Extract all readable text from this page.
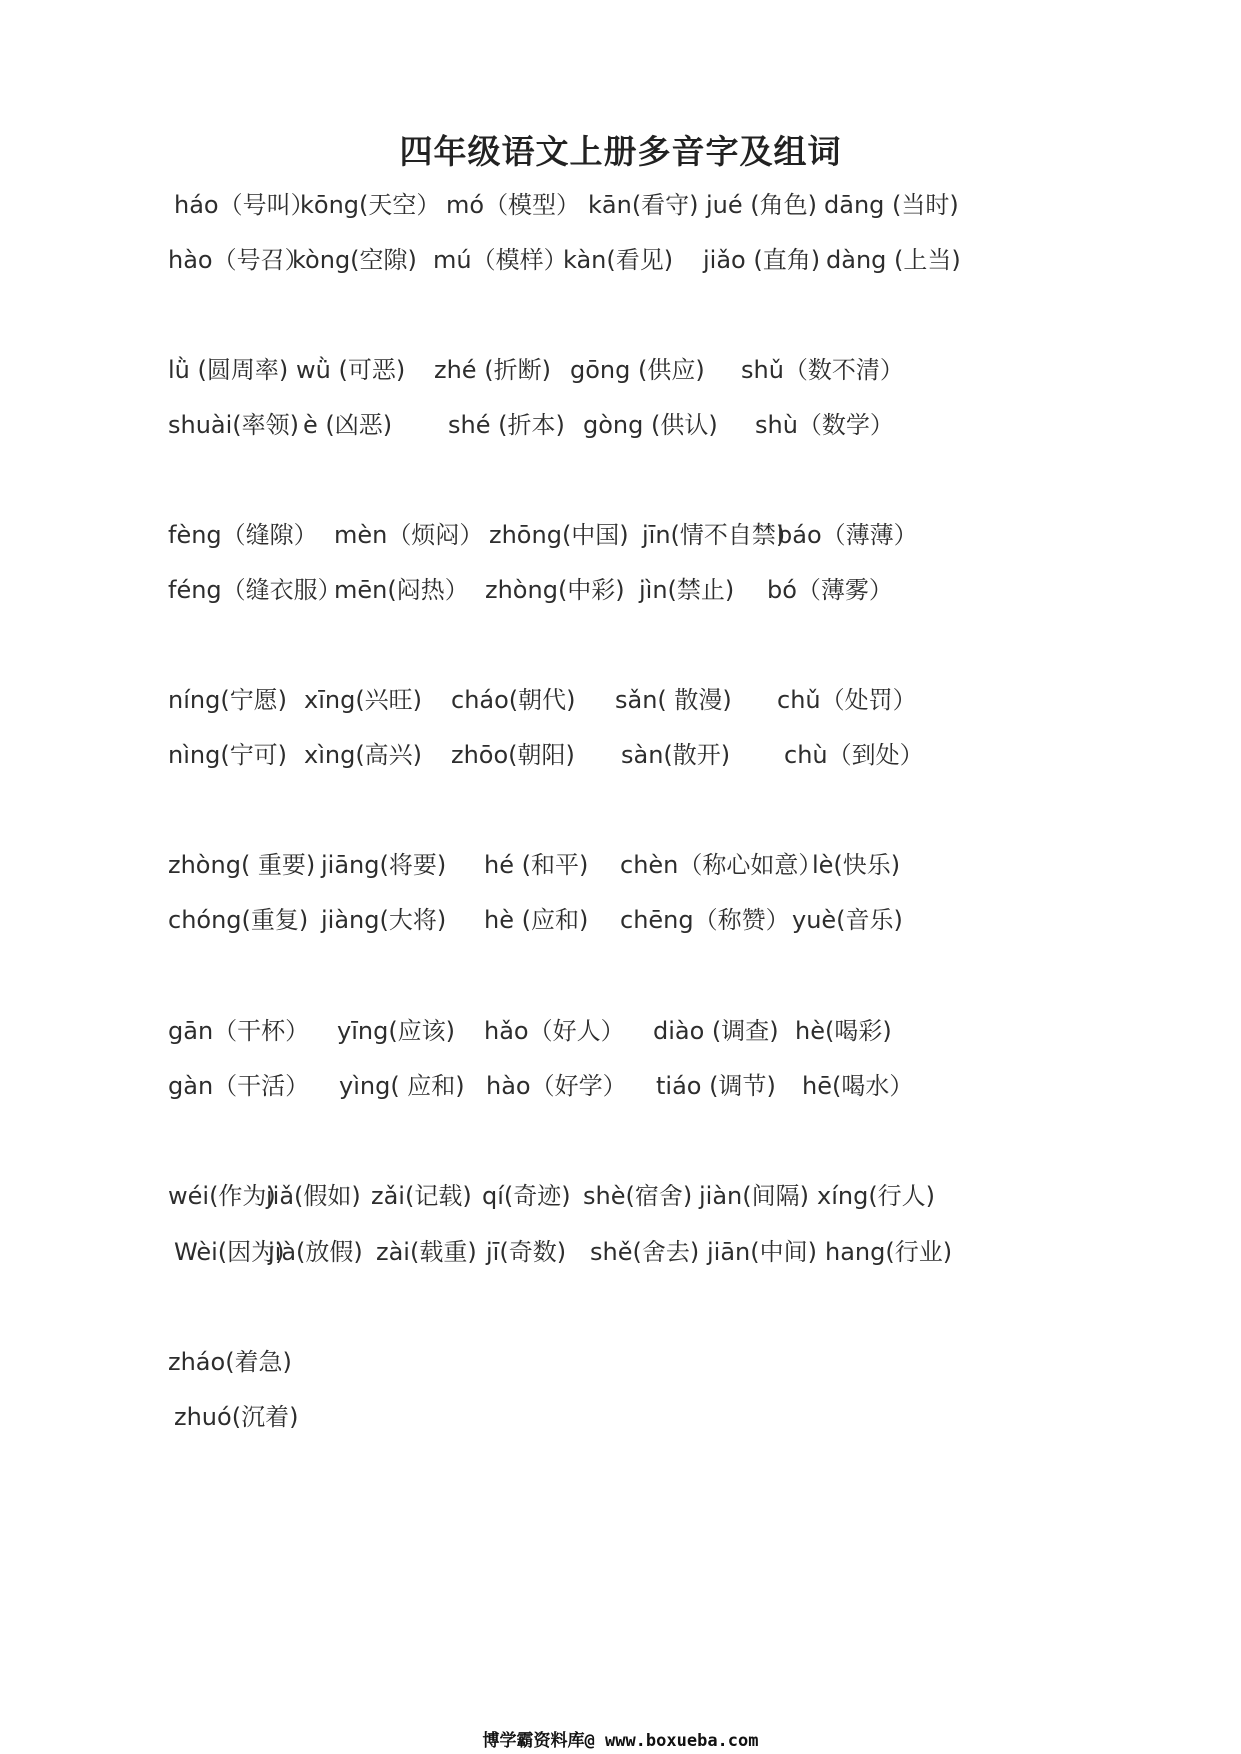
四年级语文上册多音字及组词
háo（号叫）
kōng(天空） mó（模型） kān(看守) jué (角色) dāng (当时)
hào（号召）
kòng(空隙) mú（模样）
kàn(看见) jiǎo (直角) dàng (上当)
lǜ (圆周率) wǜ (可恶) zhé (折断) gōng (供应) shǔ（数不清）
shuài(率领) è (凶恶) shé (折本) gòng (供认) shù（数学）
fèng（缝隙） mèn（烦闷） zhōng(中国) jīn(情不自禁)
báo（薄薄）
féng（缝衣服）
mēn(闷热） zhòng(中彩) jìn(禁止) bó（薄雾）
níng(宁愿) xīng(兴旺) cháo(朝代) sǎn( 散漫) chǔ（处罚）
nìng(宁可) xìng(高兴) zhōo(朝阳) sàn(散开) chù（到处）
zhòng( 重要) jiāng(将要) hé (和平) chèn（称心如意）
lè(快乐)
chóng(重复) jiàng(大将) hè (应和) chēng（称赞） yuè(音乐)
gān（干杯） yīng(应该) hǎo（好人） diào (调查) hè(喝彩)
gàn（干活） yìng( 应和) hào（好学） tiáo (调节) hē(喝水）
wéi(作为)
jiǎ(假如) zǎi(记载) qí(奇迹) shè(宿舍) jiàn(间隔) xíng(行人)
Wèi(因为)
jià(放假) zài(载重) jī(奇数) shě(舍去) jiān(中间) hang(行业)
zháo(着急)
zhuó(沉着)
博学霸资料库@ www.boxueba.com
